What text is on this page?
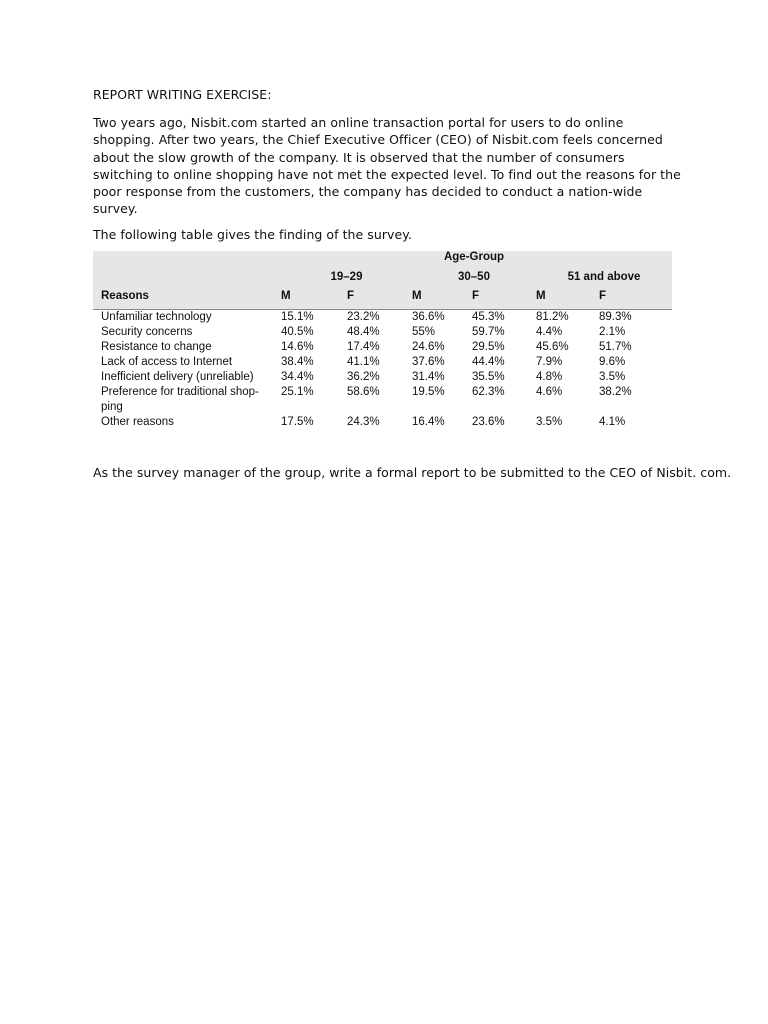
REPORT WRITING EXERCISE:

Two years ago, Nisbit.com started an online transaction portal for users to do online shopping. After two years, the Chief Executive Officer (CEO) of Nisbit.com feels concerned about the slow growth of the company. It is observed that the number of consumers switching to online shopping have not met the expected level. To find out the reasons for the poor response from the customers, the company has decided to conduct a nation-wide survey.

The following table gives the finding of the survey.

			Age-Group			
	19–29		30–50		51 and above	
Reasons	M	F	M	F	M	F
Unfamiliar technology	15.1%	23.2%	36.6%	45.3%	81.2%	89.3%
Security concerns	40.5%	48.4%	55%	59.7%	4.4%	2.1%
Resistance to change	14.6%	17.4%	24.6%	29.5%	45.6%	51.7%
Lack of access to Internet	38.4%	41.1%	37.6%	44.4%	7.9%	9.6%
Inefficient delivery (unreliable)	34.4%	36.2%	31.4%	35.5%	4.8%	3.5%
Preference for traditional shop-ping	25.1%	58.6%	19.5%	62.3%	4.6%	38.2%
Other reasons	17.5%	24.3%	16.4%	23.6%	3.5%	4.1%

As the survey manager of the group, write a formal report to be submitted to the CEO of Nisbit. com.
